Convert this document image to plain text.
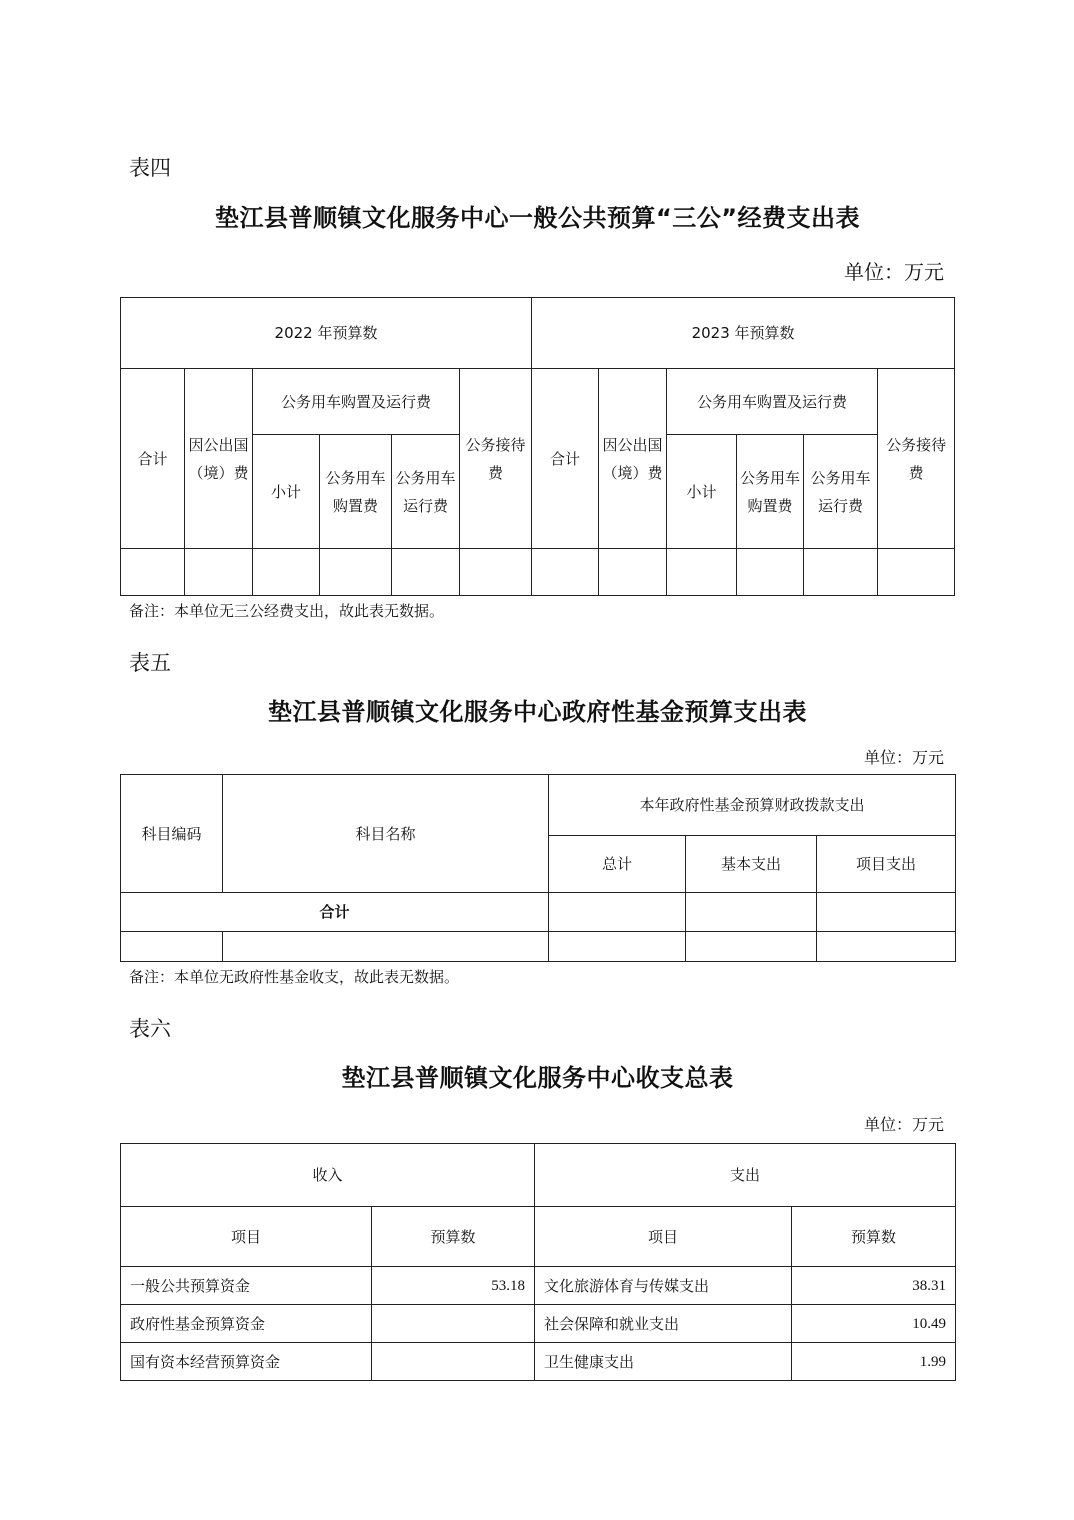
表四
垫江县普顺镇文化服务中心一般公共预算“三公”经费支出表
单位：万元
2022 年预算数						2023 年预算数					
合计	因公出国（境）费	公务用车购置及运行费			公务接待费	合计	因公出国（境）费	公务用车购置及运行费			公务接待费
		小计	公务用车购置费	公务用车运行费				小计	公务用车购置费	公务用车运行费	

备注：本单位无三公经费支出，故此表无数据。
表五
垫江县普顺镇文化服务中心政府性基金预算支出表
单位：万元
科目编码	科目名称	本年政府性基金预算财政拨款支出		
		总计	基本支出	项目支出
合计				

备注：本单位无政府性基金收支，故此表无数据。
表六
垫江县普顺镇文化服务中心收支总表
单位：万元
收入		支出	
项目	预算数	项目	预算数
一般公共预算资金	53.18	文化旅游体育与传媒支出	38.31
政府性基金预算资金		社会保障和就业支出	10.49
国有资本经营预算资金		卫生健康支出	1.99
